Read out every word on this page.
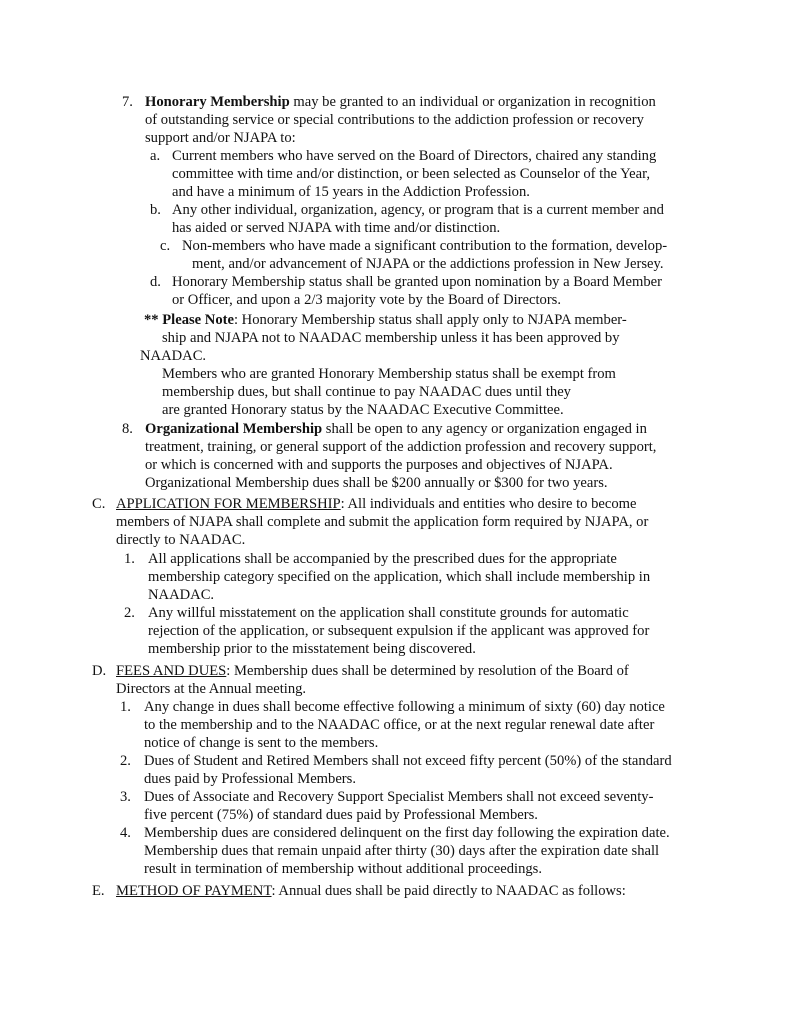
7. Honorary Membership may be granted to an individual or organization in recognition
of outstanding service or special contributions to the addiction profession or recovery
support and/or NJAPA to:
a. Current members who have served on the Board of Directors, chaired any standing
committee with time and/or distinction, or been selected as Counselor of the Year,
and have a minimum of 15 years in the Addiction Profession.
b. Any other individual, organization, agency, or program that is a current member and
has aided or served NJAPA with time and/or distinction.
c. Non-members who have made a significant contribution to the formation, develop-
ment, and/or advancement of NJAPA or the addictions profession in New Jersey.
d. Honorary Membership status shall be granted upon nomination by a Board Member
or Officer, and upon a 2/3 majority vote by the Board of Directors.
** Please Note: Honorary Membership status shall apply only to NJAPA member-
ship and NJAPA not to NAADAC membership unless it has been approved by
NAADAC.
Members who are granted Honorary Membership status shall be exempt from
membership dues, but shall continue to pay NAADAC dues until they
are granted Honorary status by the NAADAC Executive Committee.
8. Organizational Membership shall be open to any agency or organization engaged in
treatment, training, or general support of the addiction profession and recovery support,
or which is concerned with and supports the purposes and objectives of NJAPA.
Organizational Membership dues shall be $200 annually or $300 for two years.
C. APPLICATION FOR MEMBERSHIP: All individuals and entities who desire to become
members of NJAPA shall complete and submit the application form required by NJAPA, or
directly to NAADAC.
1. All applications shall be accompanied by the prescribed dues for the appropriate
membership category specified on the application, which shall include membership in
NAADAC.
2. Any willful misstatement on the application shall constitute grounds for automatic
rejection of the application, or subsequent expulsion if the applicant was approved for
membership prior to the misstatement being discovered.
D. FEES AND DUES: Membership dues shall be determined by resolution of the Board of
Directors at the Annual meeting.
1. Any change in dues shall become effective following a minimum of sixty (60) day notice
to the membership and to the NAADAC office, or at the next regular renewal date after
notice of change is sent to the members.
2. Dues of Student and Retired Members shall not exceed fifty percent (50%) of the standard
dues paid by Professional Members.
3. Dues of Associate and Recovery Support Specialist Members shall not exceed seventy-
five percent (75%) of standard dues paid by Professional Members.
4. Membership dues are considered delinquent on the first day following the expiration date.
Membership dues that remain unpaid after thirty (30) days after the expiration date shall
result in termination of membership without additional proceedings.
E. METHOD OF PAYMENT: Annual dues shall be paid directly to NAADAC as follows:
